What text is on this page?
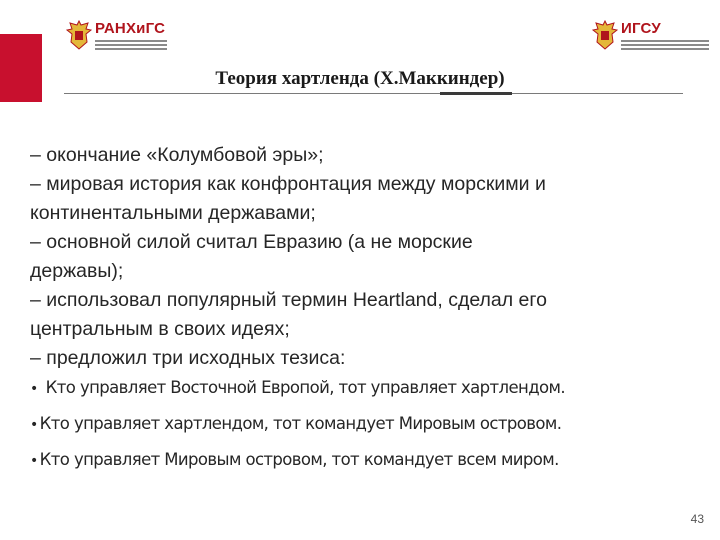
РАНХиГС	ИГСУ
Теория хартленда (Х.Маккиндер)
– окончание «Колумбовой эры»;
– мировая история как конфронтация между морскими и
континентальными державами;
– основной силой считал Евразию (а не морские
державы);
– использовал популярный термин Heartland, сделал его
центральным в своих идеях;
– предложил три исходных тезиса:
• Кто управляет Восточной Европой, тот управляет хартлендом.
• Кто управляет хартлендом, тот командует Мировым островом.
• Кто управляет Мировым островом, тот командует всем миром.
43
